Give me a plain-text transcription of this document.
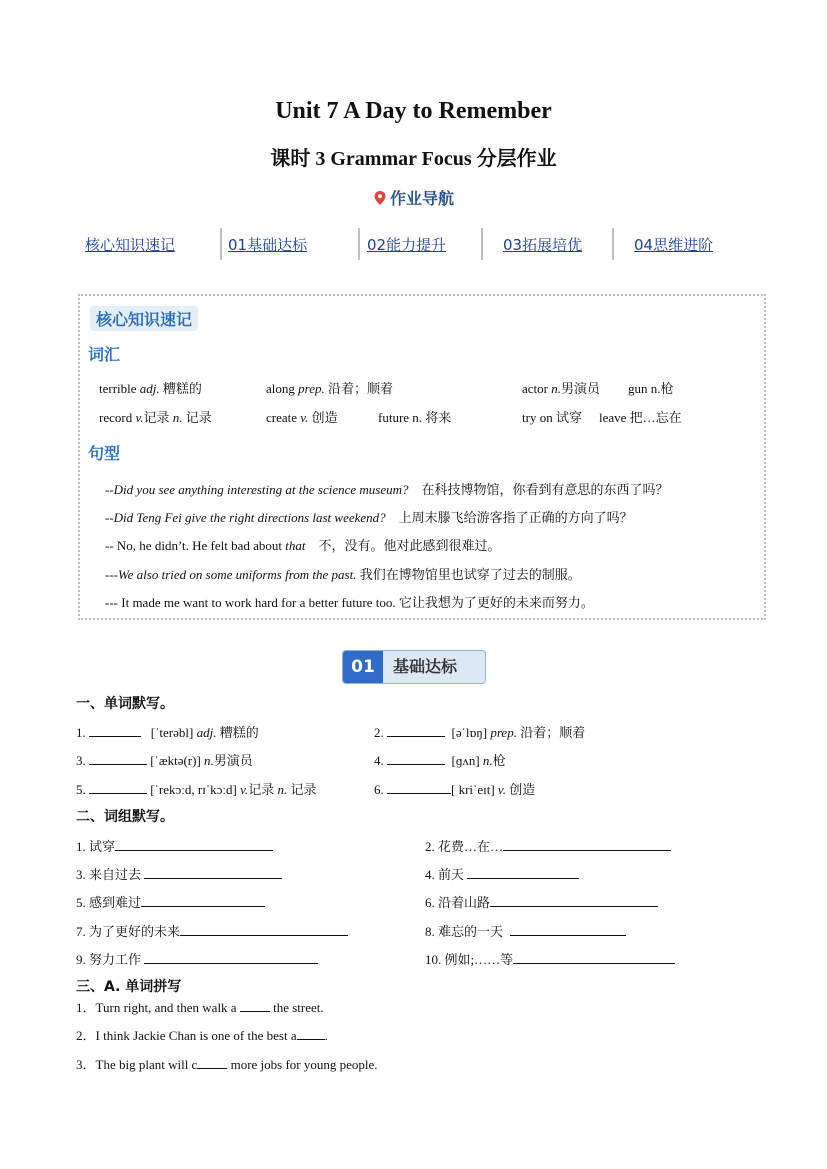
Unit 7 A Day to Remember
课时 3 Grammar Focus 分层作业
作业导航
核心知识速记	01基础达标	02能力提升	03拓展培优	04思维进阶
核心知识速记
词汇
terrible adj. 糟糕的	along prep. 沿着；顺着	actor n.男演员 gun n.枪
record v.记录 n. 记录	create v. 创造	future n. 将来	try on 试穿 leave 把…忘在
句型
--Did you see anything interesting at the science museum? 在科技博物馆，你看到有意思的东西了吗？
--Did Teng Fei give the right directions last weekend? 上周末滕飞给游客指了正确的方向了吗？
-- No, he didn’t. He felt bad about that 不，没有。他对此感到很难过。
---We also tried on some uniforms from the past. 我们在博物馆里也试穿了过去的制服。
--- It made me want to work hard for a better future too. 它让我想为了更好的未来而努力。
01	基础达标
一、单词默写。
1.	[ˈterəbl] adj. 糟糕的	2.	[əˈlɒŋ] prep. 沿着；顺着
3.	[ˈæktə(r)] n.男演员	4.	[ɡʌn] n.枪
5.	[ˈrekɔːd, rɪˈkɔːd] v.记录 n. 记录	6.	[ kriˈeɪt] v. 创造
二、词组默写。
1. 试穿	2. 花费…在…
3. 来自过去	4. 前天
5. 感到难过	6. 沿着山路
7. 为了更好的未来	8. 难忘的一天
9. 努力工作	10. 例如;……等
三、A. 单词拼写
1．Turn right, and then walk a	the street.
2．I think Jackie Chan is one of the best a .
3．The big plant will c more jobs for young people.
